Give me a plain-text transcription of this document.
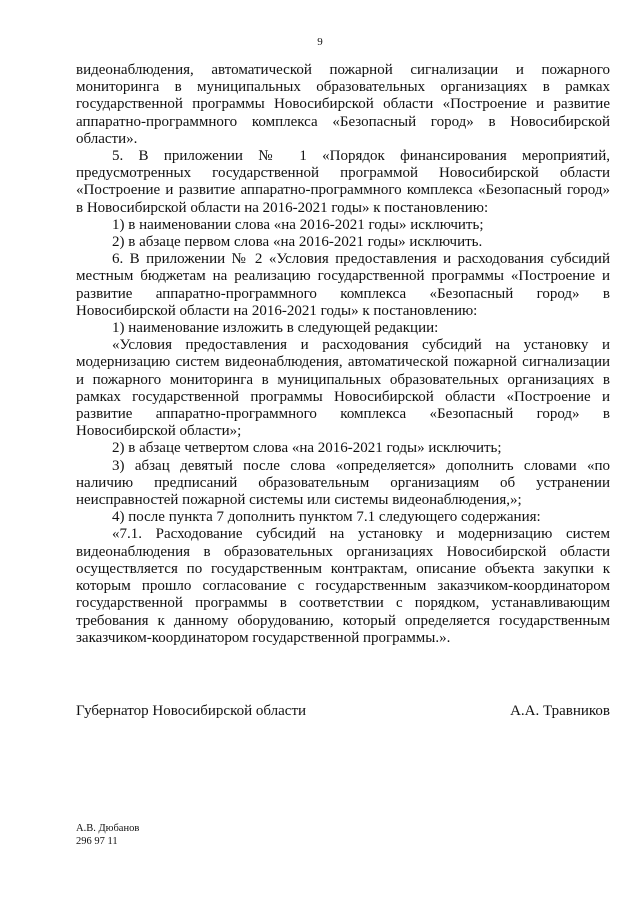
9

видеонаблюдения, автоматической пожарной сигнализации и пожарного мониторинга в муниципальных образовательных организациях в рамках государственной программы Новосибирской области «Построение и развитие аппаратно-программного комплекса «Безопасный город» в Новосибирской области».

5. В приложении № 1 «Порядок финансирования мероприятий, предусмотренных государственной программой Новосибирской области «Построение и развитие аппаратно-программного комплекса «Безопасный город» в Новосибирской области на 2016-2021 годы» к постановлению:

1) в наименовании слова «на 2016-2021 годы» исключить;

2) в абзаце первом слова «на 2016-2021 годы» исключить.

6. В приложении № 2 «Условия предоставления и расходования субсидий местным бюджетам на реализацию государственной программы «Построение и развитие аппаратно-программного комплекса «Безопасный город» в Новосибирской области на 2016-2021 годы» к постановлению:

1) наименование изложить в следующей редакции:

«Условия предоставления и расходования субсидий на установку и модернизацию систем видеонаблюдения, автоматической пожарной сигнализации и пожарного мониторинга в муниципальных образовательных организациях в рамках государственной программы Новосибирской области «Построение и развитие аппаратно-программного комплекса «Безопасный город» в Новосибирской области»;

2) в абзаце четвертом слова «на 2016-2021 годы» исключить;

3) абзац девятый после слова «определяется» дополнить словами «по наличию предписаний образовательным организациям об устранении неисправностей пожарной системы или системы видеонаблюдения,»;

4) после пункта 7 дополнить пунктом 7.1 следующего содержания:

«7.1. Расходование субсидий на установку и модернизацию систем видеонаблюдения в образовательных организациях Новосибирской области осуществляется по государственным контрактам, описание объекта закупки к которым прошло согласование с государственным заказчиком-координатором государственной программы в соответствии с порядком, устанавливающим требования к данному оборудованию, который определяется государственным заказчиком-координатором государственной программы.».

Губернатор Новосибирской области	А.А. Травников
А.В. Дюбанов
296 97 11
